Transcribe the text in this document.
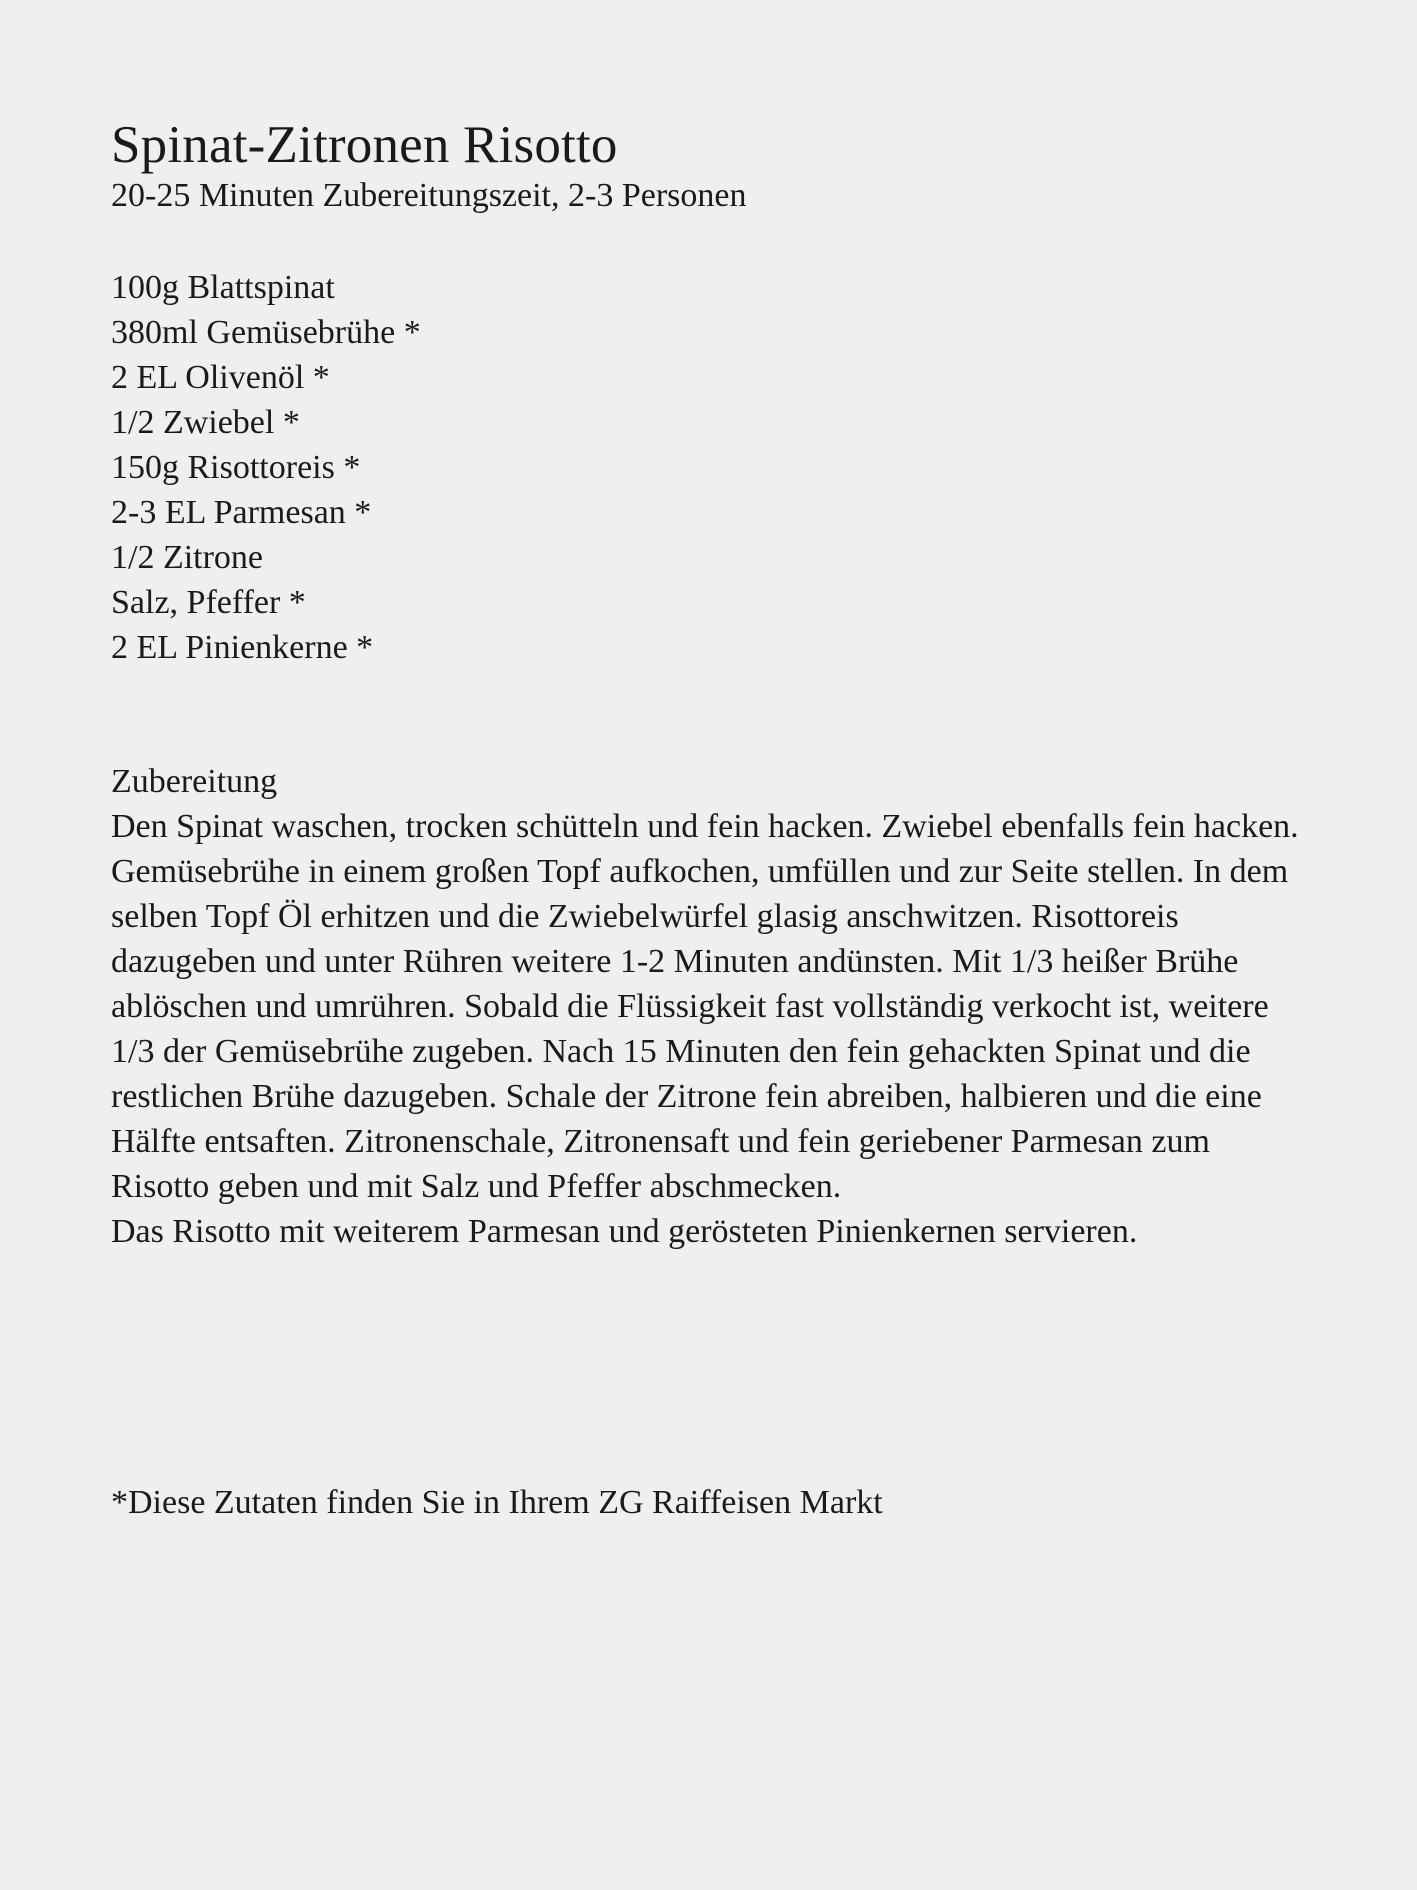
Spinat-Zitronen Risotto
20-25 Minuten Zubereitungszeit, 2-3 Personen
100g Blattspinat
380ml Gemüsebrühe *
2 EL Olivenöl *
1/2 Zwiebel *
150g Risottoreis *
2-3 EL Parmesan *
1/2 Zitrone
Salz, Pfeffer *
2 EL Pinienkerne *
Zubereitung

Den Spinat waschen, trocken schütteln und fein hacken. Zwiebel ebenfalls fein hacken. Gemüsebrühe in einem großen Topf aufkochen, umfüllen und zur Seite stellen. In dem selben Topf Öl erhitzen und die Zwiebelwürfel glasig anschwitzen. Risottoreis dazugeben und unter Rühren weitere 1-2 Minuten andünsten. Mit 1/3 heißer Brühe ablöschen und umrühren. Sobald die Flüssigkeit fast vollständig verkocht ist, weitere 1/3 der Gemüsebrühe zugeben. Nach 15 Minuten den fein gehackten Spinat und die restlichen Brühe dazugeben. Schale der Zitrone fein abreiben, halbieren und die eine Hälfte entsaften. Zitronenschale, Zitronensaft und fein geriebener Parmesan zum Risotto geben und mit Salz und Pfeffer abschmecken.

Das Risotto mit weiterem Parmesan und gerösteten Pinienkernen servieren.

*Diese Zutaten finden Sie in Ihrem ZG Raiffeisen Markt
